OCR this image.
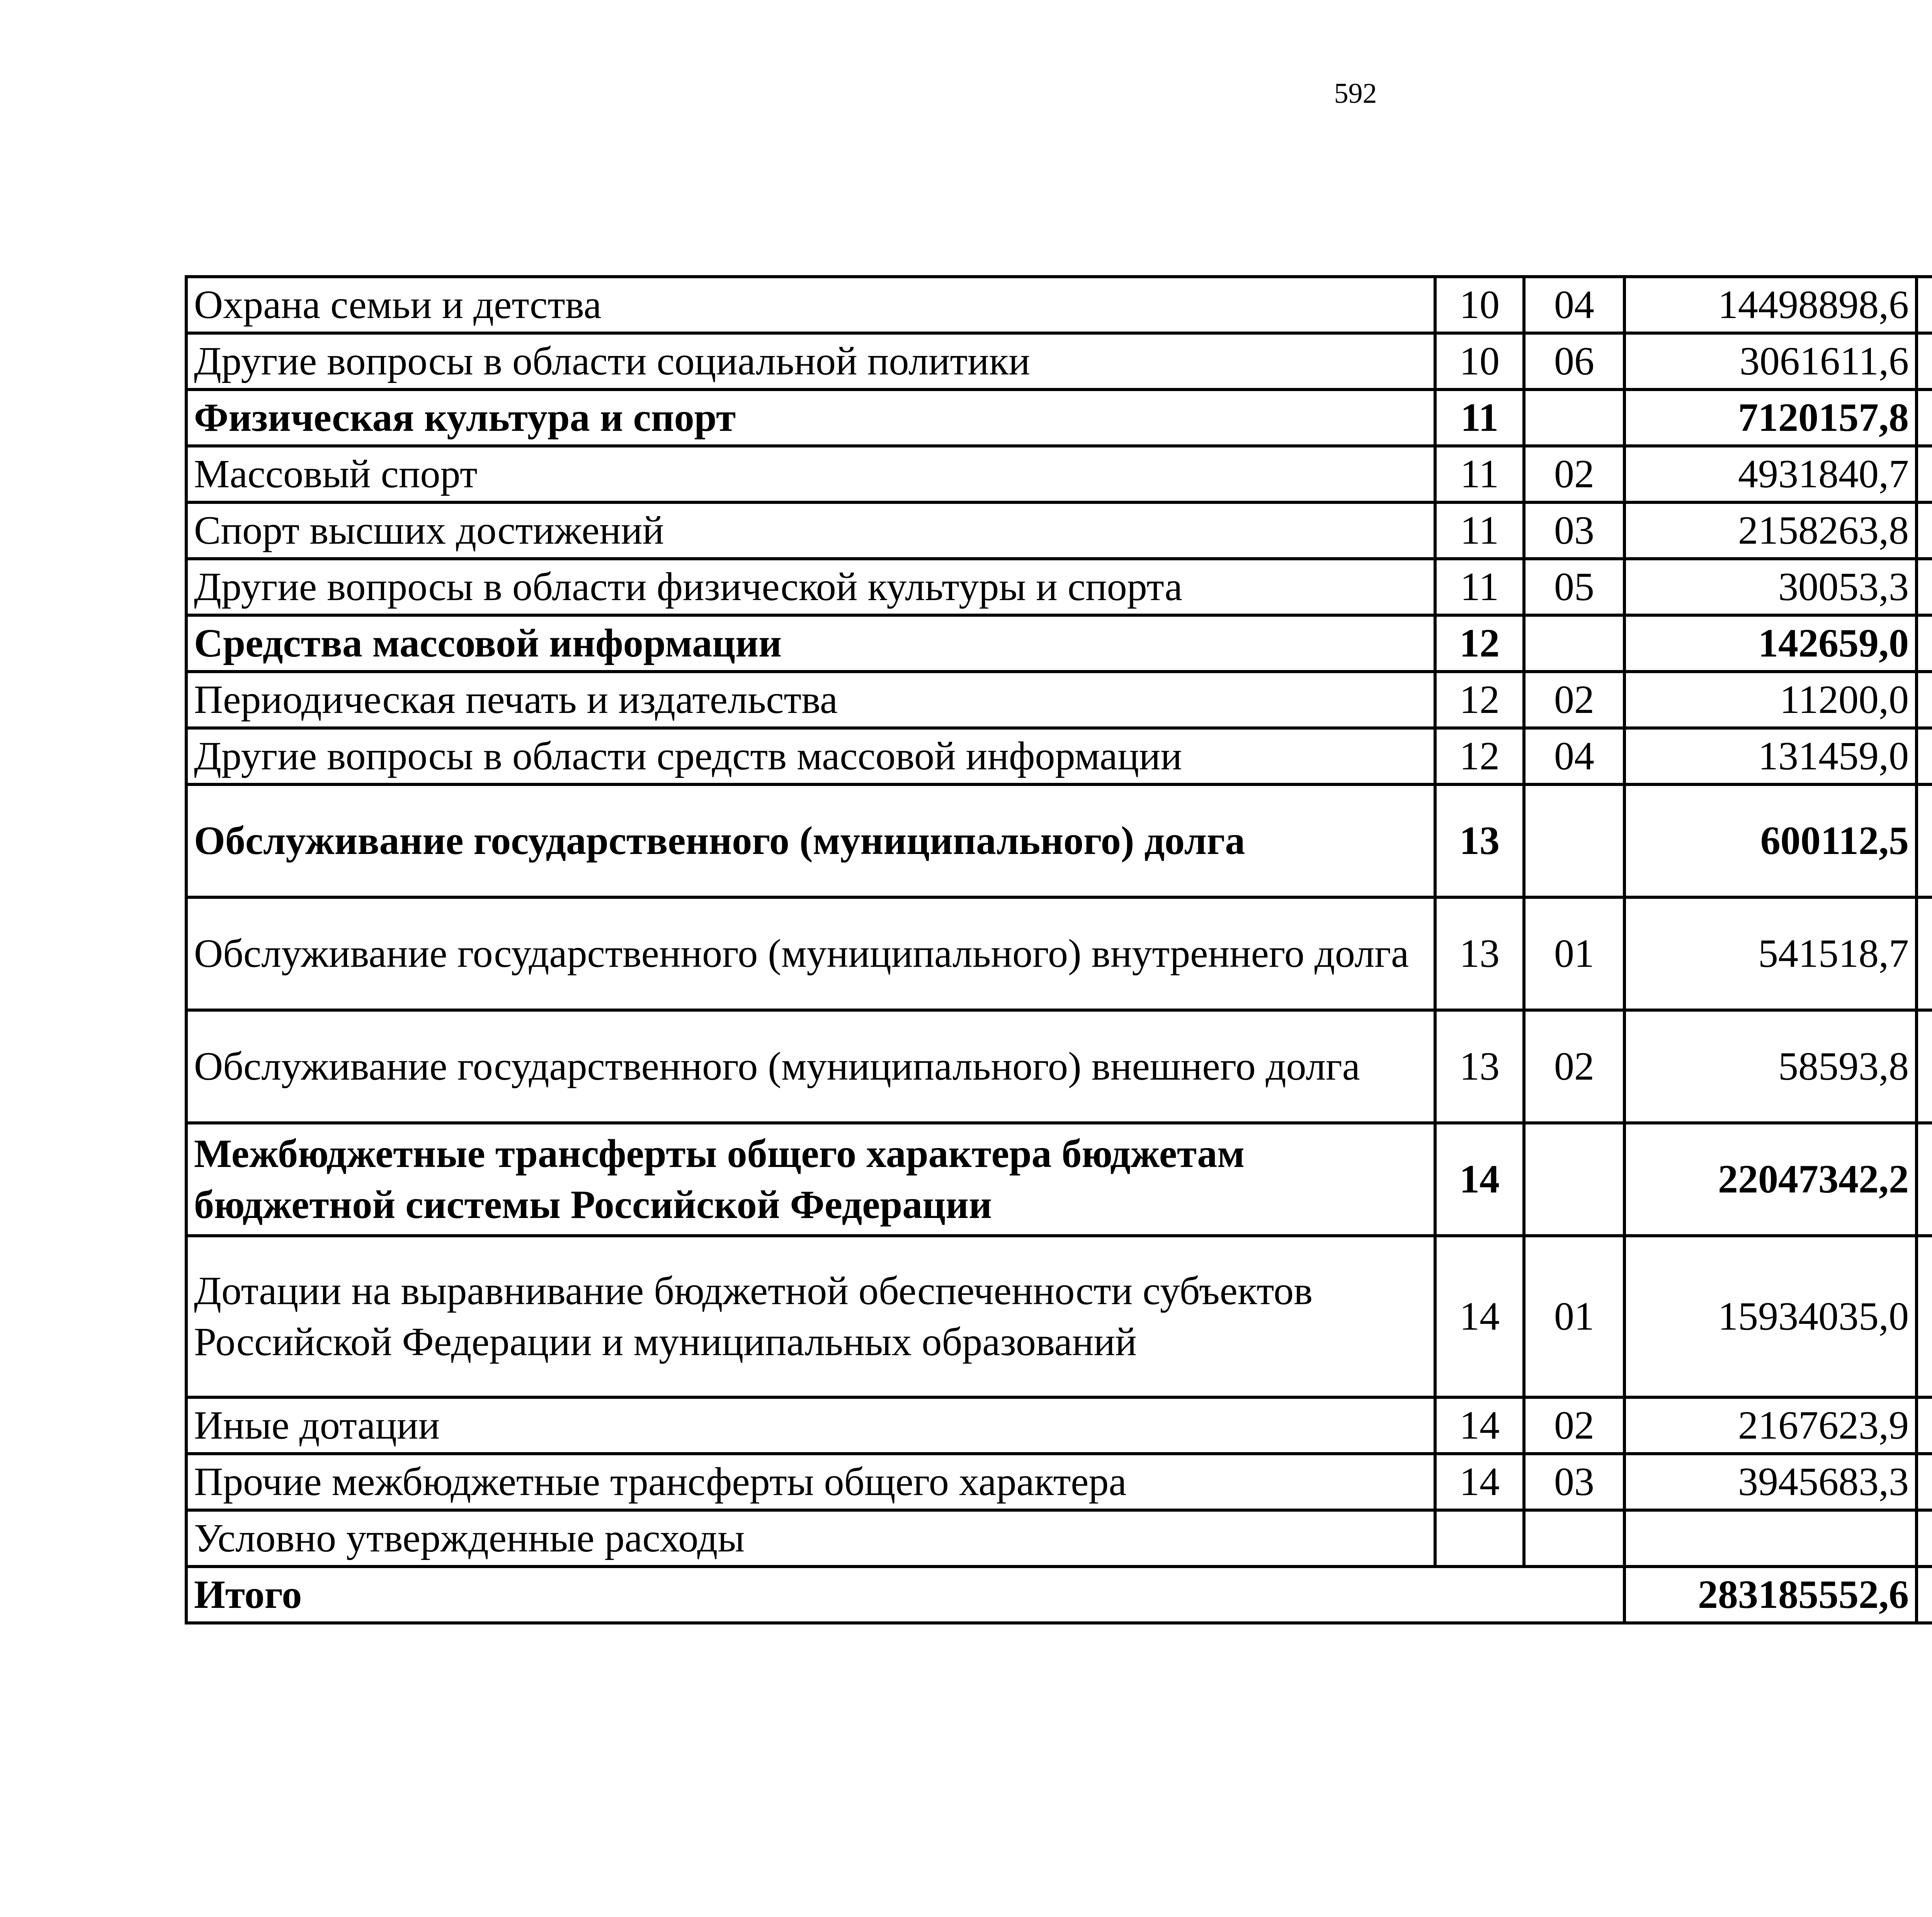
592
Охрана семьи и детства	10	04	14498898,6		
Другие вопросы в области социальной политики	10	06	3061611,6		
Физическая культура и спорт	11		7120157,8		
Массовый спорт	11	02	4931840,7		
Спорт высших достижений	11	03	2158263,8		
Другие вопросы в области физической культуры и спорта	11	05	30053,3		
Средства массовой информации	12		142659,0		
Периодическая печать и издательства	12	02	11200,0		
Другие вопросы в области средств массовой информации	12	04	131459,0		
Обслуживание государственного (муниципального) долга	13		600112,5		
Обслуживание государственного (муниципального) внутреннего долга	13	01	541518,7		
Обслуживание государственного (муниципального) внешнего долга	13	02	58593,8		
Межбюджетные трансферты общего характера бюджетам бюджетной системы Российской Федерации	14		22047342,2		
Дотации на выравнивание бюджетной обеспеченности субъектов Российской Федерации и муниципальных образований	14	01	15934035,0		
Иные дотации	14	02	2167623,9		
Прочие межбюджетные трансферты общего характера	14	03	3945683,3		
Условно утвержденные расходы					
Итого			283185552,6		
